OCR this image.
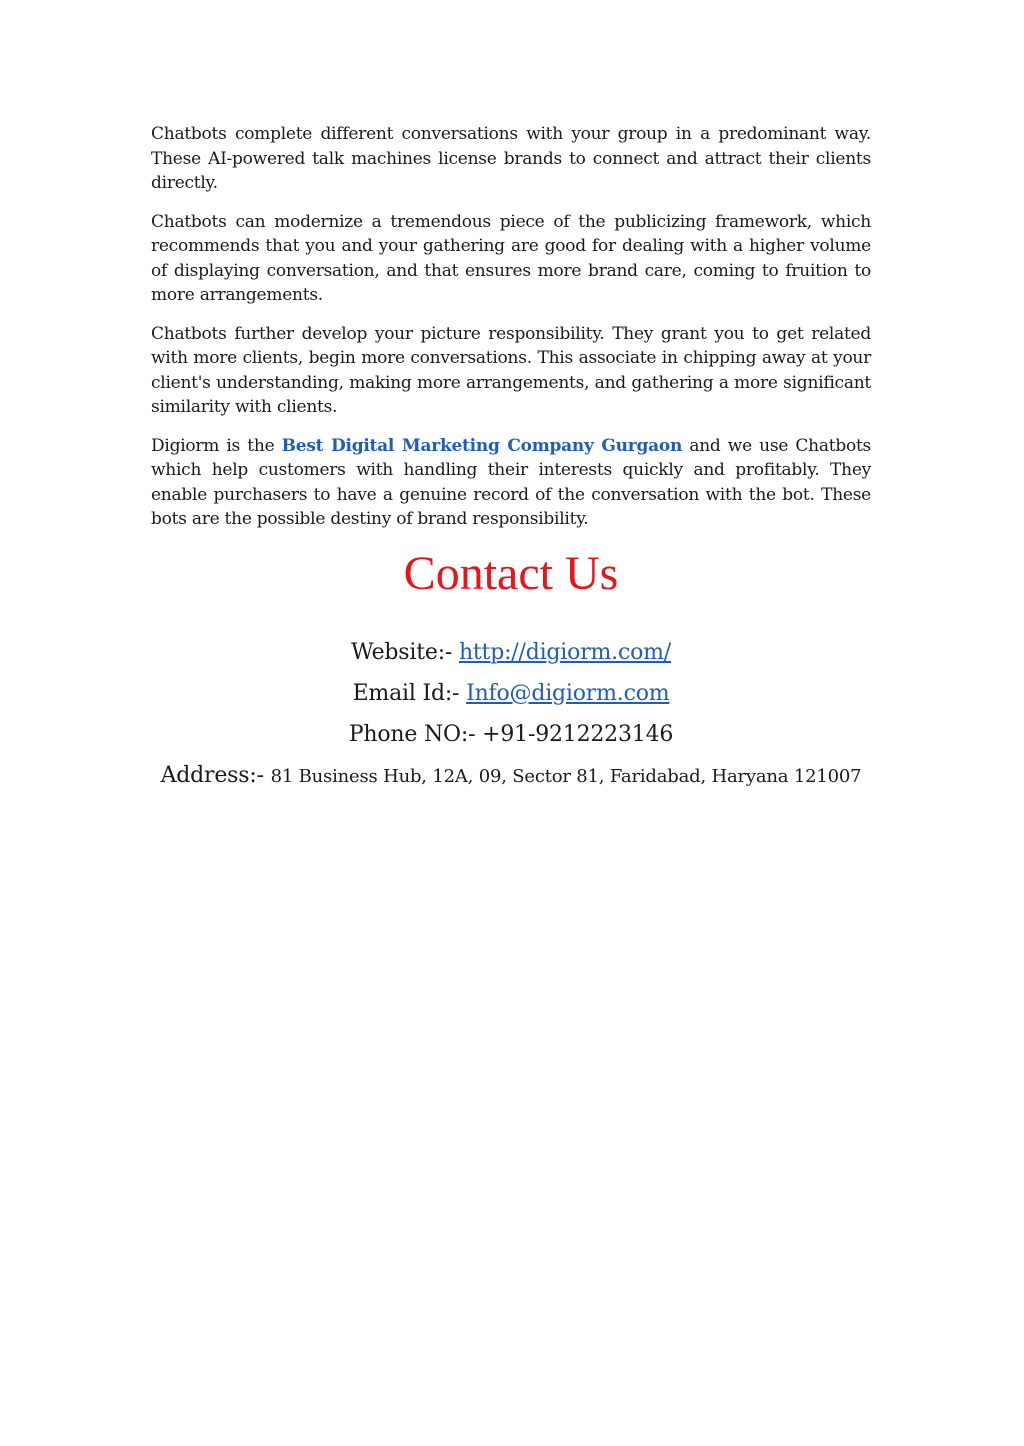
Chatbots complete different conversations with your group in a predominant way. These AI-powered talk machines license brands to connect and attract their clients directly.

Chatbots can modernize a tremendous piece of the publicizing framework, which recommends that you and your gathering are good for dealing with a higher volume of displaying conversation, and that ensures more brand care, coming to fruition to more arrangements.

Chatbots further develop your picture responsibility. They grant you to get related with more clients, begin more conversations. This associate in chipping away at your client's understanding, making more arrangements, and gathering a more significant similarity with clients.

Digiorm is the Best Digital Marketing Company Gurgaon and we use Chatbots which help customers with handling their interests quickly and profitably. They enable purchasers to have a genuine record of the conversation with the bot. These bots are the possible destiny of brand responsibility.

Contact Us
Website:- http://digiorm.com/
Email Id:- Info@digiorm.com
Phone NO:- +91-9212223146
Address:- 81 Business Hub, 12A, 09, Sector 81, Faridabad, Haryana 121007
